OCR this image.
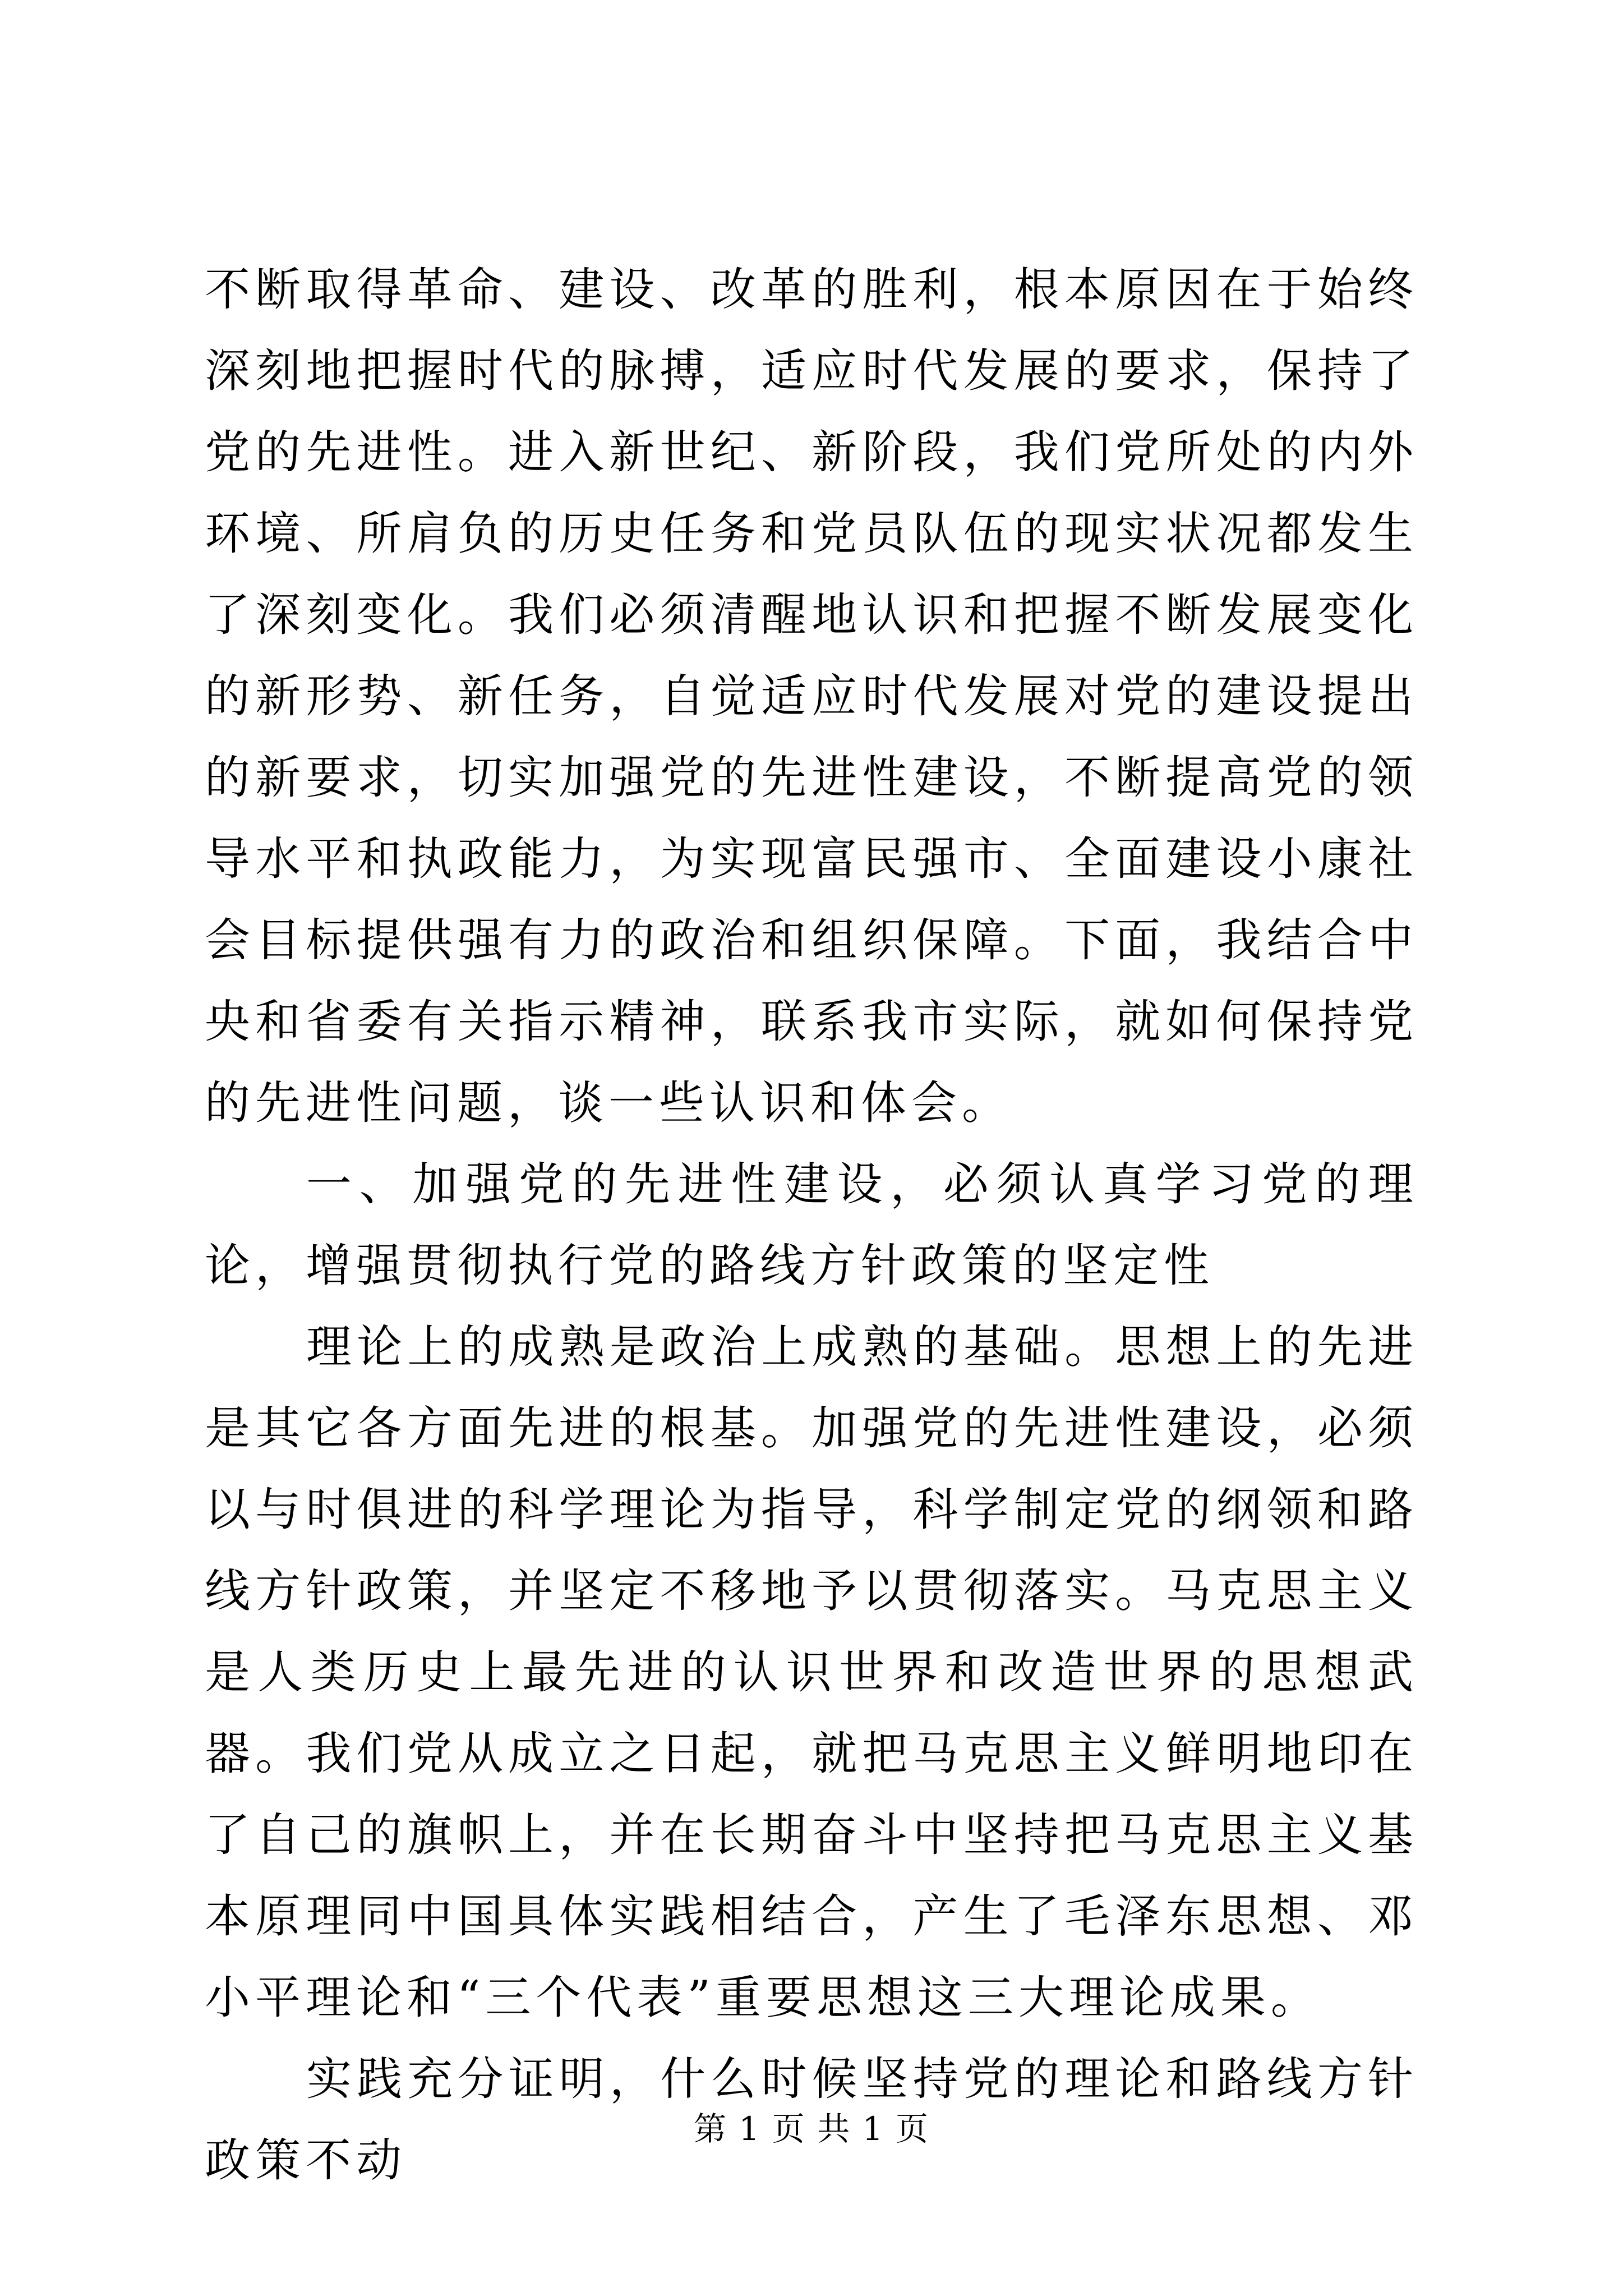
不断取得革命、建设、改革的胜利，根本原因在于始终深刻地把握时代的脉搏，适应时代发展的要求，保持了党的先进性。进入新世纪、新阶段，我们党所处的内外环境、所肩负的历史任务和党员队伍的现实状况都发生了深刻变化。我们必须清醒地认识和把握不断发展变化的新形势、新任务，自觉适应时代发展对党的建设提出的新要求，切实加强党的先进性建设，不断提高党的领导水平和执政能力，为实现富民强市、全面建设小康社会目标提供强有力的政治和组织保障。下面，我结合中央和省委有关指示精神，联系我市实际，就如何保持党的先进性问题，谈一些认识和体会。

一、加强党的先进性建设，必须认真学习党的理论，增强贯彻执行党的路线方针政策的坚定性

理论上的成熟是政治上成熟的基础。思想上的先进是其它各方面先进的根基。加强党的先进性建设，必须以与时俱进的科学理论为指导，科学制定党的纲领和路线方针政策，并坚定不移地予以贯彻落实。马克思主义是人类历史上最先进的认识世界和改造世界的思想武器。我们党从成立之日起，就把马克思主义鲜明地印在了自己的旗帜上，并在长期奋斗中坚持把马克思主义基本原理同中国具体实践相结合，产生了毛泽东思想、邓小平理论和“三个代表”重要思想这三大理论成果。

实践充分证明，什么时候坚持党的理论和路线方针政策不动

第 1 页 共 1 页
